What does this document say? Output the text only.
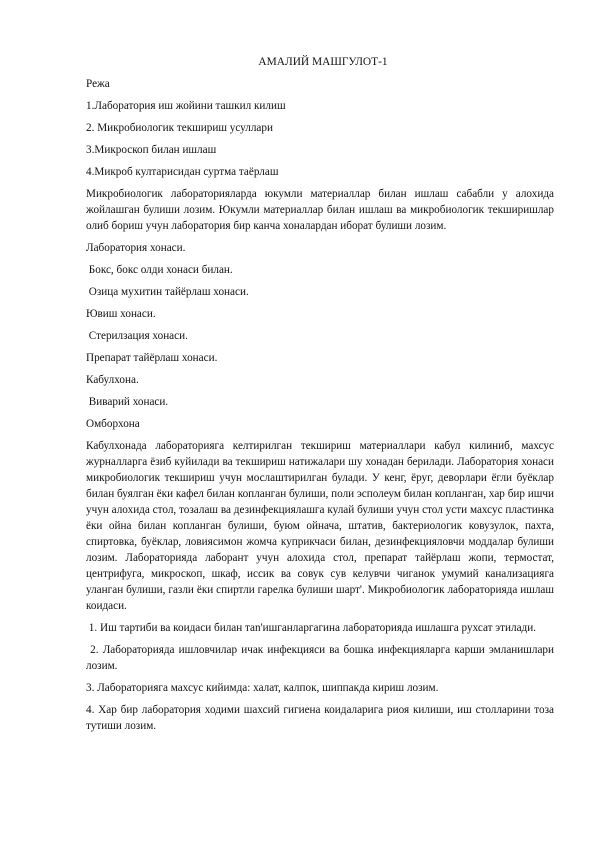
АМАЛИЙ МАШГУЛОТ-1
Режа
1.Лаборатория иш жойини ташкил килиш
2. Микробиологик текшириш усуллари
3.Микроскоп билан ишлаш
4.Микроб култарисидан суртма таёрлаш
Микробиологик лабораторияларда юкумли материаллар билан ишлаш сабабли у алохида жойлашган булиши лозим. Юкумли материаллар билан ишлаш ва микробиологик текширишлар олиб бориш учун лаборатория бир канча хоналардан иборат булиши лозим.
Лаборатория хонаси.
Бокс, бокс олди хонаси билан.
Озица мухитин тайёрлаш хонаси.
Ювиш хонаси.
Стерилзация хонаси.
Препарат тайёрлаш хонаси.
Кабулхона.
Виварий хонаси.
Омборхона
Кабулхонада лабораторияга келтирилган текшириш материаллари кабул килиниб, махсус журналларга ёзиб куйилади ва текшириш натижалари шу хонадан берилади. Лаборатория хонаси микробиологик текшириш учун мослаштирилган булади. У кенг, ёруг, деворлари ёгли буёклар билан буялган ёки кафел билан копланган булиши, поли эсполеум билан копланган, хар бир ишчи учун алохида стол, тозалаш ва дезинфекциялашга кулай булиши учун стол усти махсус пластинка ёки ойна билан копланган булиши, буюм ойнача, штатив, бактериологик ковузулок, пахта, спиртовка, буёклар, ловиясимон жомча куприкчаси билан, дезинфекцияловчи моддалар булиши лозим. Лабораторияда лаборант учун алохида стол, препарат тайёрлаш жопи, термостат, центрифуга, микроскоп, шкаф, иссик ва совук сув келувчи чиганок умумий канализацияга уланган булиши, газли ёки спиртли гарелка булиши шарт'. Микробиологик лабораторияда ишлаш коидаси.
1. Иш тартиби ва коидаси билан таn'ишганларгагина лабораторияда ишлашга рухсат этилади.
2. Лабораторияда ишловчилар ичак инфекцияси ва бошка инфекцияларга карши эмланишлари лозим.
3. Лабораторияга махсус кийимда: халат, калпок, шиппакда кириш лозим.
4. Хар бир лаборатория ходими шахсий гигиена коидаларига риоя килиши, иш столларини тоза тутиши лозим.
